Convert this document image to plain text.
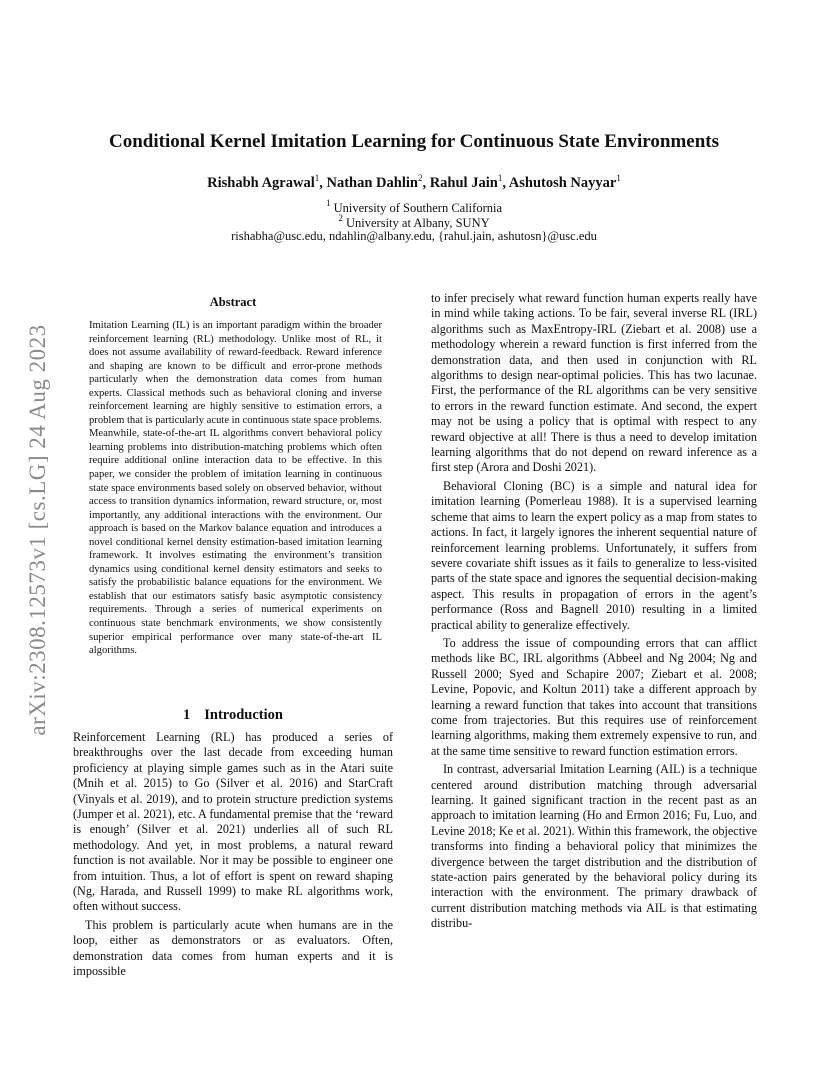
arXiv:2308.12573v1 [cs.LG] 24 Aug 2023
Conditional Kernel Imitation Learning for Continuous State Environments
Rishabh Agrawal$^1$, Nathan Dahlin$^2$, Rahul Jain$^1$, Ashutosh Nayyar$^1$
$^1$ University of Southern California
$^2$ University at Albany, SUNY
rishabha@usc.edu, ndahlin@albany.edu, {rahul.jain, ashutosn}@usc.edu
Abstract
Imitation Learning (IL) is an important paradigm within the broader reinforcement learning (RL) methodology. Unlike most of RL, it does not assume availability of reward-feedback. Reward inference and shaping are known to be difficult and error-prone methods particularly when the demonstration data comes from human experts. Classical methods such as behavioral cloning and inverse reinforcement learning are highly sensitive to estimation errors, a problem that is particularly acute in continuous state space problems. Meanwhile, state-of-the-art IL algorithms convert behavioral policy learning problems into distribution-matching problems which often require additional online interaction data to be effective. In this paper, we consider the problem of imitation learning in continuous state space environments based solely on observed behavior, without access to transition dynamics information, reward structure, or, most importantly, any additional interactions with the environment. Our approach is based on the Markov balance equation and introduces a novel conditional kernel density estimation-based imitation learning framework. It involves estimating the environment’s transition dynamics using conditional kernel density estimators and seeks to satisfy the probabilistic balance equations for the environment. We establish that our estimators satisfy basic asymptotic consistency requirements. Through a series of numerical experiments on continuous state benchmark environments, we show consistently superior empirical performance over many state-of-the-art IL algorithms.
1 Introduction

Reinforcement Learning (RL) has produced a series of breakthroughs over the last decade from exceeding human proficiency at playing simple games such as in the Atari suite (Mnih et al. 2015) to Go (Silver et al. 2016) and StarCraft (Vinyals et al. 2019), and to protein structure prediction systems (Jumper et al. 2021), etc. A fundamental premise that the ‘reward is enough’ (Silver et al. 2021) underlies all of such RL methodology. And yet, in most problems, a natural reward function is not available. Nor it may be possible to engineer one from intuition. Thus, a lot of effort is spent on reward shaping (Ng, Harada, and Russell 1999) to make RL algorithms work, often without success.

This problem is particularly acute when humans are in the loop, either as demonstrators or as evaluators. Often, demonstration data comes from human experts and it is impossible

to infer precisely what reward function human experts really have in mind while taking actions. To be fair, several inverse RL (IRL) algorithms such as MaxEntropy-IRL (Ziebart et al. 2008) use a methodology wherein a reward function is first inferred from the demonstration data, and then used in conjunction with RL algorithms to design near-optimal policies. This has two lacunae. First, the performance of the RL algorithms can be very sensitive to errors in the reward function estimate. And second, the expert may not be using a policy that is optimal with respect to any reward objective at all! There is thus a need to develop imitation learning algorithms that do not depend on reward inference as a first step (Arora and Doshi 2021).

Behavioral Cloning (BC) is a simple and natural idea for imitation learning (Pomerleau 1988). It is a supervised learning scheme that aims to learn the expert policy as a map from states to actions. In fact, it largely ignores the inherent sequential nature of reinforcement learning problems. Unfortunately, it suffers from severe covariate shift issues as it fails to generalize to less-visited parts of the state space and ignores the sequential decision-making aspect. This results in propagation of errors in the agent’s performance (Ross and Bagnell 2010) resulting in a limited practical ability to generalize effectively.

To address the issue of compounding errors that can afflict methods like BC, IRL algorithms (Abbeel and Ng 2004; Ng and Russell 2000; Syed and Schapire 2007; Ziebart et al. 2008; Levine, Popovic, and Koltun 2011) take a different approach by learning a reward function that takes into account that transitions come from trajectories. But this requires use of reinforcement learning algorithms, making them extremely expensive to run, and at the same time sensitive to reward function estimation errors.

In contrast, adversarial Imitation Learning (AIL) is a technique centered around distribution matching through adversarial learning. It gained significant traction in the recent past as an approach to imitation learning (Ho and Ermon 2016; Fu, Luo, and Levine 2018; Ke et al. 2021). Within this framework, the objective transforms into finding a behavioral policy that minimizes the divergence between the target distribution and the distribution of state-action pairs generated by the behavioral policy during its interaction with the environment. The primary drawback of current distribution matching methods via AIL is that estimating distribu-
